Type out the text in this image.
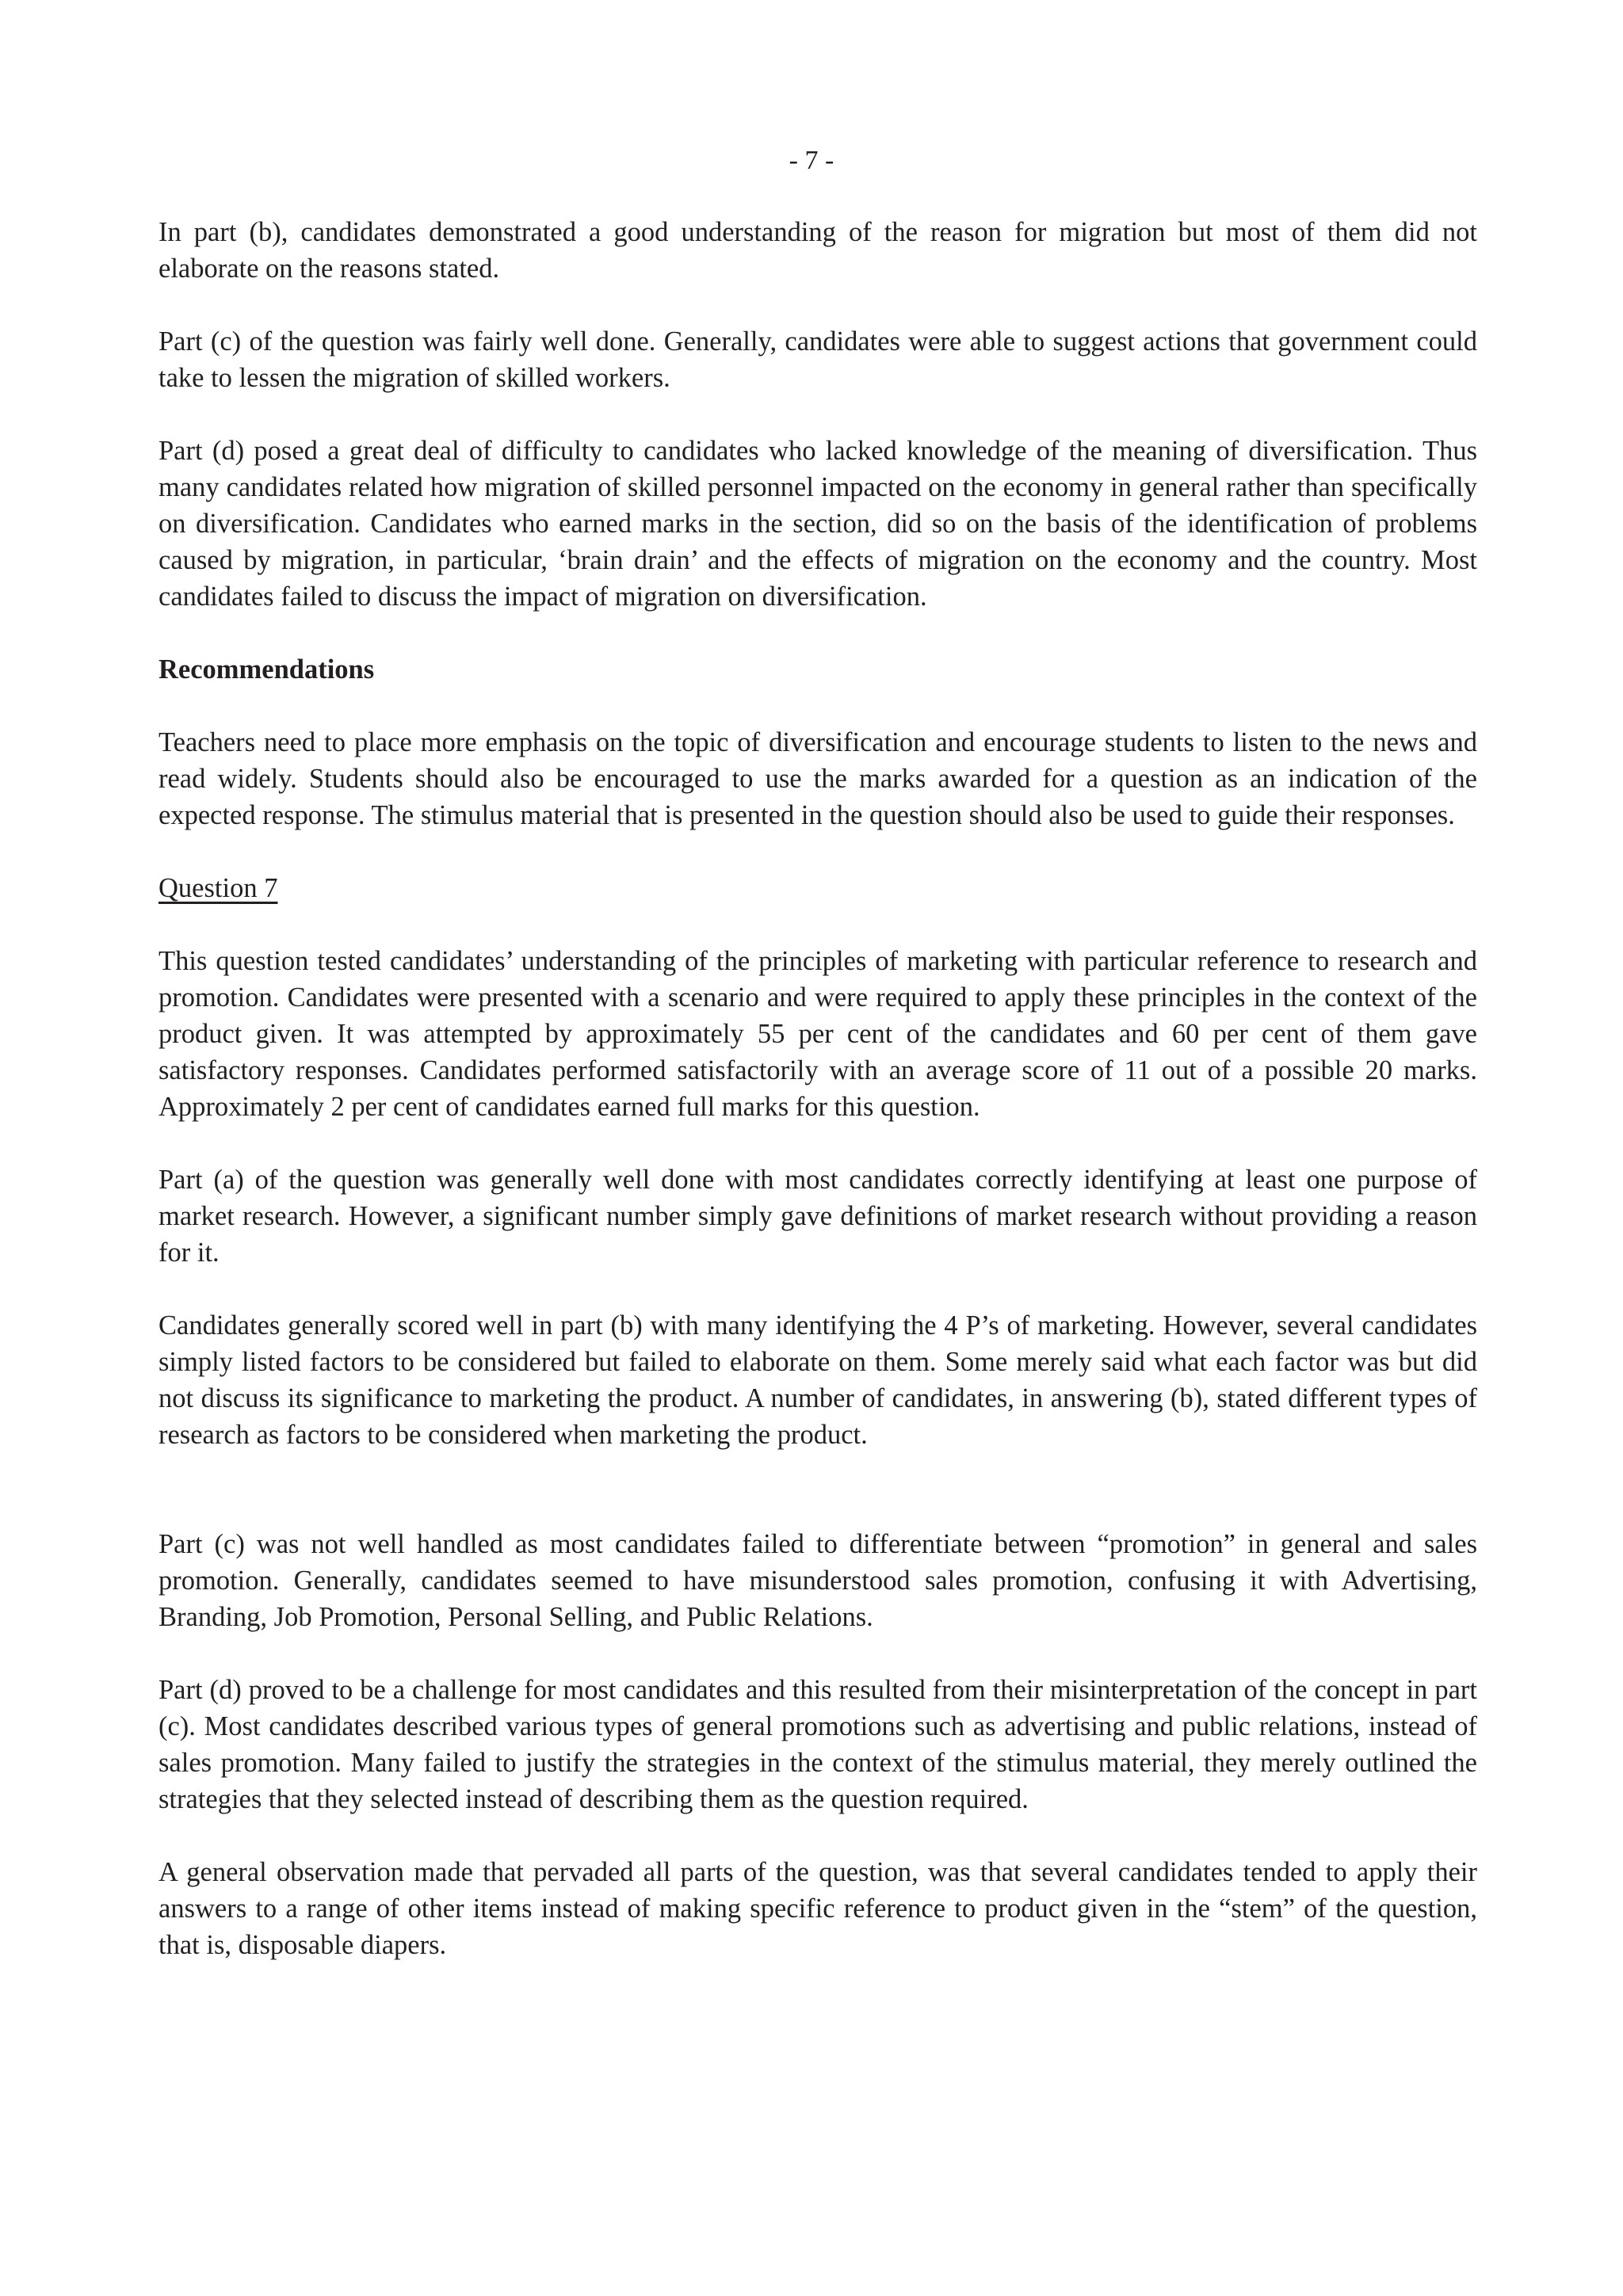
- 7 -

In part (b), candidates demonstrated a good understanding of the reason for migration but most of them did not elaborate on the reasons stated.

Part (c) of the question was fairly well done. Generally, candidates were able to suggest actions that government could take to lessen the migration of skilled workers.

Part (d) posed a great deal of difficulty to candidates who lacked knowledge of the meaning of diversification. Thus many candidates related how migration of skilled personnel impacted on the economy in general rather than specifically on diversification. Candidates who earned marks in the section, did so on the basis of the identification of problems caused by migration, in particular, ‘brain drain’ and the effects of migration on the economy and the country. Most candidates failed to discuss the impact of migration on diversification.

Recommendations

Teachers need to place more emphasis on the topic of diversification and encourage students to listen to the news and read widely. Students should also be encouraged to use the marks awarded for a question as an indication of the expected response. The stimulus material that is presented in the question should also be used to guide their responses.

Question 7

This question tested candidates’ understanding of the principles of marketing with particular reference to research and promotion. Candidates were presented with a scenario and were required to apply these principles in the context of the product given. It was attempted by approximately 55 per cent of the candidates and 60 per cent of them gave satisfactory responses. Candidates performed satisfactorily with an average score of 11 out of a possible 20 marks. Approximately 2 per cent of candidates earned full marks for this question.

Part (a) of the question was generally well done with most candidates correctly identifying at least one purpose of market research. However, a significant number simply gave definitions of market research without providing a reason for it.

Candidates generally scored well in part (b) with many identifying the 4 P’s of marketing. However, several candidates simply listed factors to be considered but failed to elaborate on them. Some merely said what each factor was but did not discuss its significance to marketing the product. A number of candidates, in answering (b), stated different types of research as factors to be considered when marketing the product.

Part (c) was not well handled as most candidates failed to differentiate between “promotion” in general and sales promotion. Generally, candidates seemed to have misunderstood sales promotion, confusing it with Advertising, Branding, Job Promotion, Personal Selling, and Public Relations.

Part (d) proved to be a challenge for most candidates and this resulted from their misinterpretation of the concept in part (c). Most candidates described various types of general promotions such as advertising and public relations, instead of sales promotion. Many failed to justify the strategies in the context of the stimulus material, they merely outlined the strategies that they selected instead of describing them as the question required.

A general observation made that pervaded all parts of the question, was that several candidates tended to apply their answers to a range of other items instead of making specific reference to product given in the “stem” of the question, that is, disposable diapers.
